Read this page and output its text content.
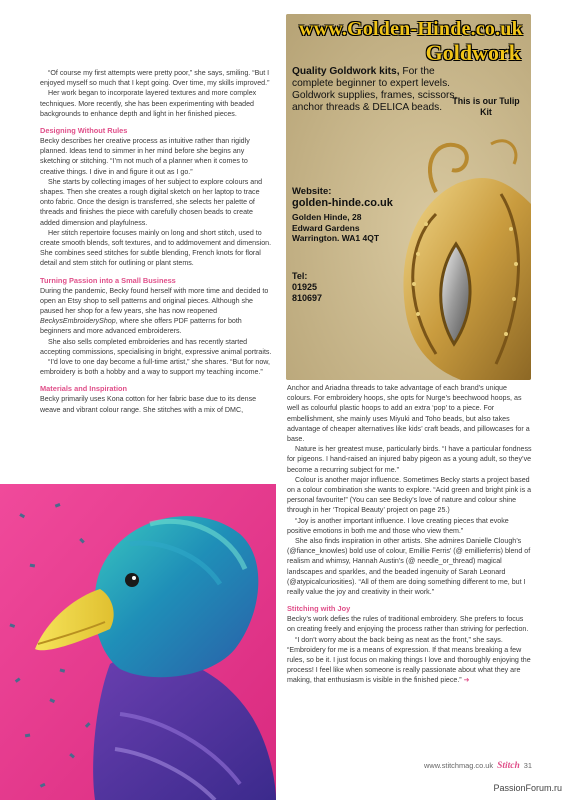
“Of course my first attempts were pretty poor,” she says, smiling. “But I enjoyed myself so much that I kept going. Over time, my skills improved.”

Her work began to incorporate layered textures and more complex techniques. More recently, she has been experimenting with beaded backgrounds to enhance depth and light in her finished pieces.

Designing Without Rules

Becky describes her creative process as intuitive rather than rigidly planned. Ideas tend to simmer in her mind before she begins any sketching or stitching. “I’m not much of a planner when it comes to creative things. I dive in and figure it out as I go.”

She starts by collecting images of her subject to explore colours and shapes. Then she creates a rough digital sketch on her laptop to trace onto fabric. Once the design is transferred, she selects her palette of threads and finishes the piece with carefully chosen beads to create added dimension and playfulness.

Her stitch repertoire focuses mainly on long and short stitch, used to create smooth blends, soft textures, and to addmovement and dimension. She combines seed stitches for subtle blending, French knots for floral detail and stem stitch for outlining or plant stems.

Turning Passion into a Small Business

During the pandemic, Becky found herself with more time and decided to open an Etsy shop to sell patterns and original pieces. Although she paused her shop for a few years, she has now reopened BeckysEmbroideryShop, where she offers PDF patterns for both beginners and more advanced embroiderers.

She also sells completed embroideries and has recently started accepting commissions, specialising in bright, expressive animal portraits.

“I’d love to one day become a full-time artist,” she shares. “But for now, embroidery is both a hobby and a way to support my teaching income.”

Materials and Inspiration

Becky primarily uses Kona cotton for her fabric base due to its dense weave and vibrant colour range. She stitches with a mix of DMC,

www.Golden-Hinde.co.uk
Goldwork
Quality Goldwork kits, For the complete beginner to expert levels. Goldwork supplies, frames, scissors, anchor threads & DELICA beads.
This is our Tulip Kit
Website:
golden-hinde.co.uk
Golden Hinde, 28 Edward Gardens Warrington. WA1 4QT
Tel:
01925 810697

Anchor and Ariadna threads to take advantage of each brand’s unique colours. For embroidery hoops, she opts for Nurge’s beechwood hoops, as well as colourful plastic hoops to add an extra ‘pop’ to a piece. For embellishment, she mainly uses Miyuki and Toho beads, but also takes advantage of cheaper alternatives like kids’ craft beads, and pillowcases for a base.

Nature is her greatest muse, particularly birds. “I have a particular fondness for pigeons. I hand-raised an injured baby pigeon as a young adult, so they’ve become a recurring subject for me.”

Colour is another major influence. Sometimes Becky starts a project based on a colour combination she wants to explore. “Acid green and bright pink is a personal favourite!” (You can see Becky’s love of nature and colour shine through in her ‘Tropical Beauty’ project on page 25.)

“Joy is another important influence. I love creating pieces that evoke positive emotions in both me and those who view them.”

She also finds inspiration in other artists. She admires Danielle Clough’s (@fiance_knowles) bold use of colour, Emillie Ferris’ (@ emillieferris) blend of realism and whimsy, Hannah Austin’s (@ needle_or_thread) magical landscapes and sparkles, and the beaded ingenuity of Sarah Leonard (@atypicalcuriosities). “All of them are doing something different to me, but I really value the joy and creativity in their work.”

Stitching with Joy

Becky’s work defies the rules of traditional embroidery. She prefers to focus on creating freely and enjoying the process rather than striving for perfection.

“I don’t worry about the back being as neat as the front,” she says. “Embroidery for me is a means of expression. If that means breaking a few rules, so be it. I just focus on making things I love and thoroughly enjoying the process! I feel like when someone is really passionate about what they are making, that enthusiasm is visible in the finished piece.” ➜

www.stitchmag.co.uk Stitch 31
PassionForum.ru
